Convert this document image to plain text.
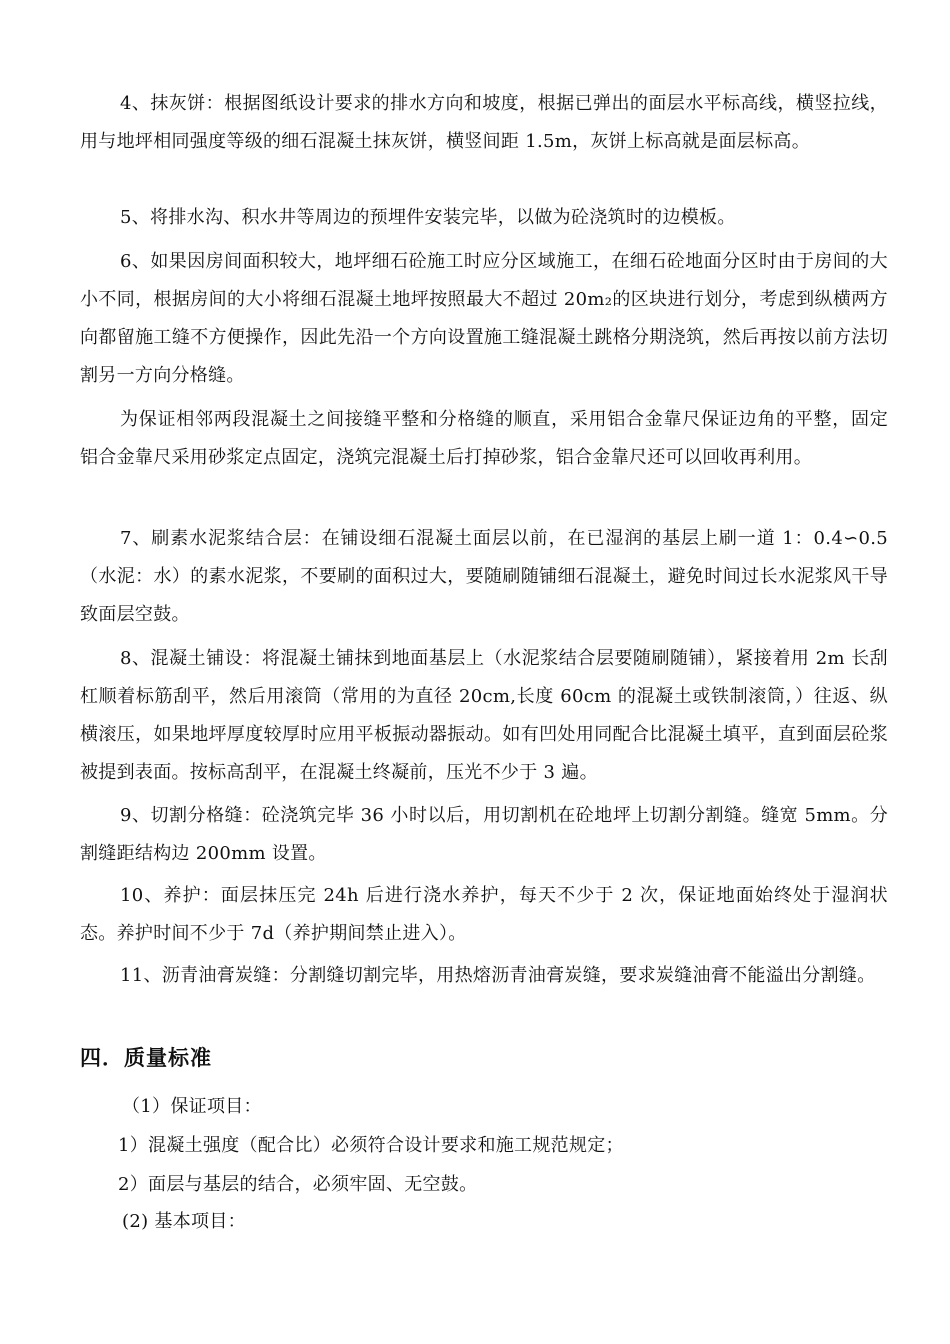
4、抹灰饼：根据图纸设计要求的排水方向和坡度，根据已弹出的面层水平标高线，横竖拉线，用与地坪相同强度等级的细石混凝土抹灰饼，横竖间距 1.5m，灰饼上标高就是面层标高。

5、将排水沟、积水井等周边的预埋件安装完毕，以做为砼浇筑时的边模板。

6、如果因房间面积较大，地坪细石砼施工时应分区域施工，在细石砼地面分区时由于房间的大小不同，根据房间的大小将细石混凝土地坪按照最大不超过 20m₂的区块进行划分，考虑到纵横两方向都留施工缝不方便操作，因此先沿一个方向设置施工缝混凝土跳格分期浇筑，然后再按以前方法切割另一方向分格缝。

为保证相邻两段混凝土之间接缝平整和分格缝的顺直，采用铝合金靠尺保证边角的平整，固定铝合金靠尺采用砂浆定点固定，浇筑完混凝土后打掉砂浆，铝合金靠尺还可以回收再利用。

7、刷素水泥浆结合层：在铺设细石混凝土面层以前，在已湿润的基层上刷一道 1：0.4∽0.5（水泥：水）的素水泥浆，不要刷的面积过大，要随刷随铺细石混凝土，避免时间过长水泥浆风干导致面层空鼓。

8、混凝土铺设：将混凝土铺抹到地面基层上（水泥浆结合层要随刷随铺），紧接着用 2m 长刮杠顺着标筋刮平，然后用滚筒（常用的为直径 20cm,长度 60cm 的混凝土或铁制滚筒，）往返、纵横滚压，如果地坪厚度较厚时应用平板振动器振动。如有凹处用同配合比混凝土填平，直到面层砼浆被提到表面。按标高刮平，在混凝土终凝前，压光不少于 3 遍。

9、切割分格缝：砼浇筑完毕 36 小时以后，用切割机在砼地坪上切割分割缝。缝宽 5mm。分割缝距结构边 200mm 设置。

10、养护：面层抹压完 24h 后进行浇水养护，每天不少于 2 次，保证地面始终处于湿润状态。养护时间不少于 7d（养护期间禁止进入）。

11、沥青油膏炭缝：分割缝切割完毕，用热熔沥青油膏炭缝，要求炭缝油膏不能溢出分割缝。

四．质量标准

（1）保证项目：

1）混凝土强度（配合比）必须符合设计要求和施工规范规定；

2）面层与基层的结合，必须牢固、无空鼓。

(2) 基本项目：
